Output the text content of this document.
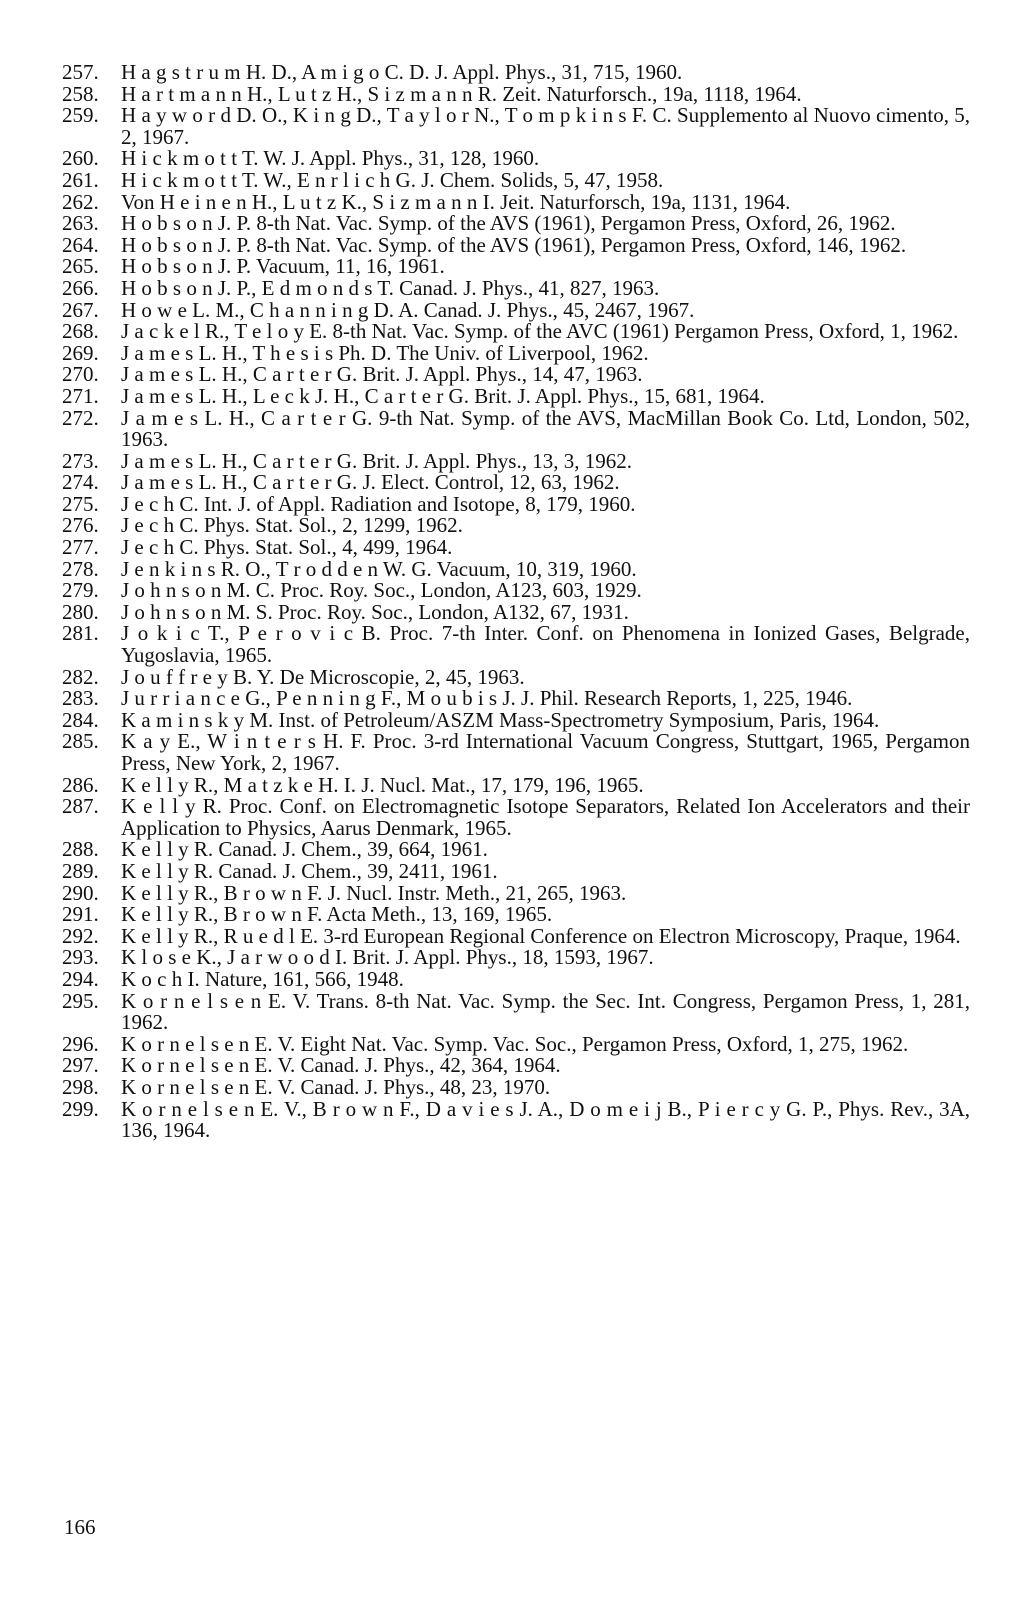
257.	H a g s t r u m H. D., A m i g o C. D. J. Appl. Phys., 31, 715, 1960.
258.	H a r t m a n n H., L u t z H., S i z m a n n R. Zeit. Naturforsch., 19a, 1118, 1964.
259.	H a y w o r d D. O., K i n g D., T a y l o r N., T o m p k i n s F. C. Supplemento al Nuovo cimento, 5, 2, 1967.
260.	H i c k m o t t T. W. J. Appl. Phys., 31, 128, 1960.
261.	H i c k m o t t T. W., E n r l i c h G. J. Chem. Solids, 5, 47, 1958.
262.	Von H e i n e n H., L u t z K., S i z m a n n I. Jeit. Naturforsch, 19a, 1131, 1964.
263.	H o b s o n J. P. 8-th Nat. Vac. Symp. of the AVS (1961), Pergamon Press, Oxford, 26, 1962.
264.	H o b s o n J. P. 8-th Nat. Vac. Symp. of the AVS (1961), Pergamon Press, Oxford, 146, 1962.
265.	H o b s o n J. P. Vacuum, 11, 16, 1961.
266.	H o b s o n J. P., E d m o n d s T. Canad. J. Phys., 41, 827, 1963.
267.	H o w e L. M., C h a n n i n g D. A. Canad. J. Phys., 45, 2467, 1967.
268.	J a c k e l R., T e l o y E. 8-th Nat. Vac. Symp. of the AVC (1961) Pergamon Press, Oxford, 1, 1962.
269.	J a m e s L. H., T h e s i s Ph. D. The Univ. of Liverpool, 1962.
270.	J a m e s L. H., C a r t e r G. Brit. J. Appl. Phys., 14, 47, 1963.
271.	J a m e s L. H., L e c k J. H., C a r t e r G. Brit. J. Appl. Phys., 15, 681, 1964.
272.	J a m e s L. H., C a r t e r G. 9-th Nat. Symp. of the AVS, MacMillan Book Co. Ltd, London, 502, 1963.
273.	J a m e s L. H., C a r t e r G. Brit. J. Appl. Phys., 13, 3, 1962.
274.	J a m e s L. H., C a r t e r G. J. Elect. Control, 12, 63, 1962.
275.	J e c h C. Int. J. of Appl. Radiation and Isotope, 8, 179, 1960.
276.	J e c h C. Phys. Stat. Sol., 2, 1299, 1962.
277.	J e c h C. Phys. Stat. Sol., 4, 499, 1964.
278.	J e n k i n s R. O., T r o d d e n W. G. Vacuum, 10, 319, 1960.
279.	J o h n s o n M. C. Proc. Roy. Soc., London, A123, 603, 1929.
280.	J o h n s o n M. S. Proc. Roy. Soc., London, A132, 67, 1931.
281.	J o k i c T., P e r o v i c B. Proc. 7-th Inter. Conf. on Phenomena in Ionized Gases, Belgrade, Yugoslavia, 1965.
282.	J o u f f r e y B. Y. De Microscopie, 2, 45, 1963.
283.	J u r r i a n c e G., P e n n i n g F., M o u b i s J. J. Phil. Research Reports, 1, 225, 1946.
284.	K a m i n s k y M. Inst. of Petroleum/ASZM Mass-Spectrometry Symposium, Paris, 1964.
285.	K a y E., W i n t e r s H. F. Proc. 3-rd International Vacuum Congress, Stuttgart, 1965, Pergamon Press, New York, 2, 1967.
286.	K e l l y R., M a t z k e H. I. J. Nucl. Mat., 17, 179, 196, 1965.
287.	K e l l y R. Proc. Conf. on Electromagnetic Isotope Separators, Related Ion Accelerators and their Application to Physics, Aarus Denmark, 1965.
288.	K e l l y R. Canad. J. Chem., 39, 664, 1961.
289.	K e l l y R. Canad. J. Chem., 39, 2411, 1961.
290.	K e l l y R., B r o w n F. J. Nucl. Instr. Meth., 21, 265, 1963.
291.	K e l l y R., B r o w n F. Acta Meth., 13, 169, 1965.
292.	K e l l y R., R u e d l E. 3-rd European Regional Conference on Electron Microscopy, Praque, 1964.
293.	K l o s e K., J a r w o o d I. Brit. J. Appl. Phys., 18, 1593, 1967.
294.	K o c h I. Nature, 161, 566, 1948.
295.	K o r n e l s e n E. V. Trans. 8-th Nat. Vac. Symp. the Sec. Int. Congress, Pergamon Press, 1, 281, 1962.
296.	K o r n e l s e n E. V. Eight Nat. Vac. Symp. Vac. Soc., Pergamon Press, Oxford, 1, 275, 1962.
297.	K o r n e l s e n E. V. Canad. J. Phys., 42, 364, 1964.
298.	K o r n e l s e n E. V. Canad. J. Phys., 48, 23, 1970.
299.	K o r n e l s e n E. V., B r o w n F., D a v i e s J. A., D o m e i j B., P i e r c y G. P., Phys. Rev., 3A, 136, 1964.
166
